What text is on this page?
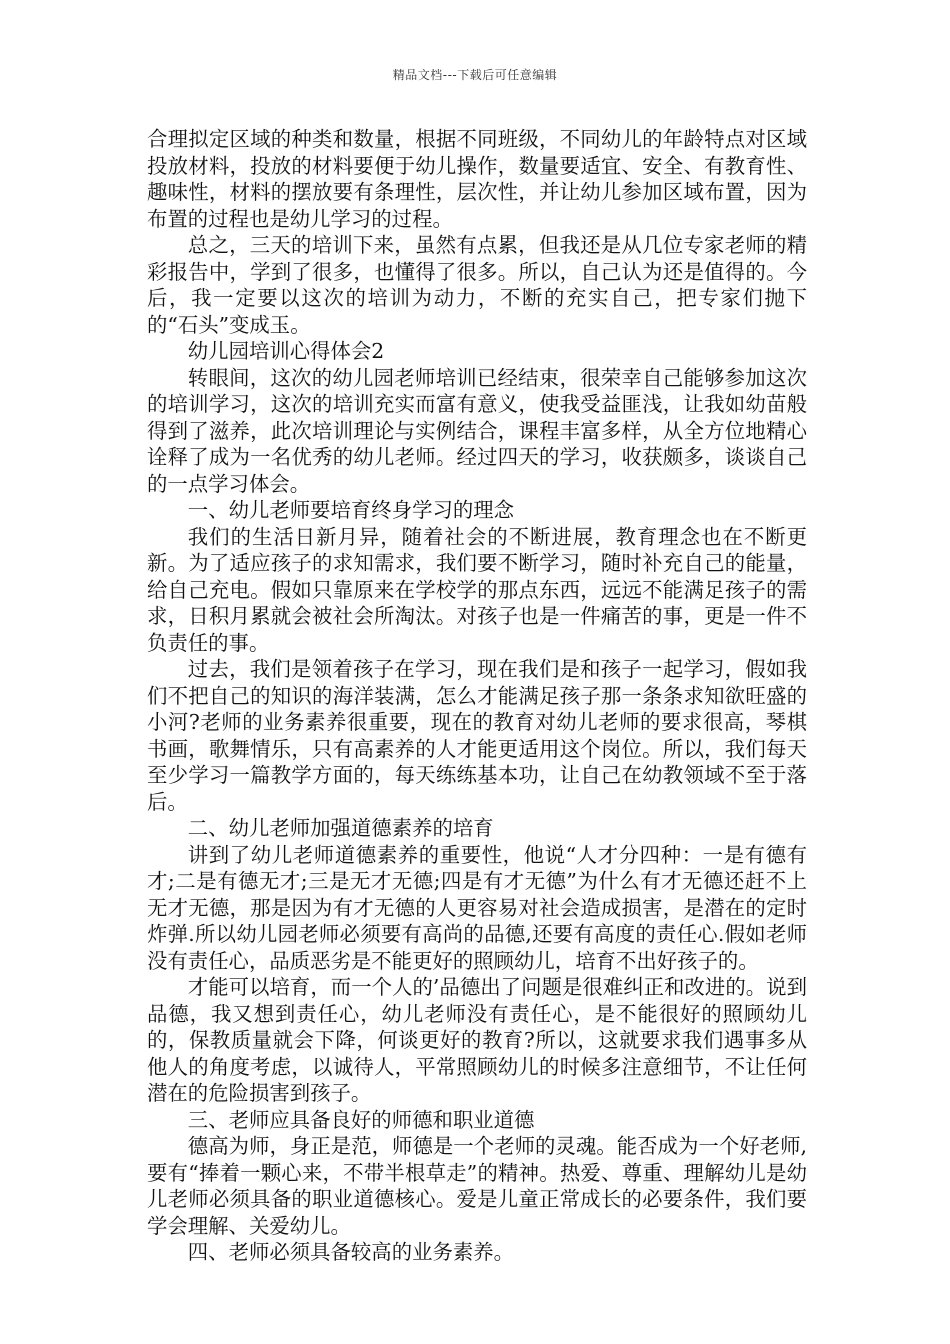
精品文档---下载后可任意编辑

合理拟定区域的种类和数量，根据不同班级，不同幼儿的年龄特点对区域投放材料，投放的材料要便于幼儿操作，数量要适宜、安全、有教育性、趣味性，材料的摆放要有条理性，层次性，并让幼儿参加区域布置，因为布置的过程也是幼儿学习的过程。

总之，三天的培训下来，虽然有点累，但我还是从几位专家老师的精彩报告中，学到了很多，也懂得了很多。所以，自己认为还是值得的。今后，我一定要以这次的培训为动力，不断的充实自己，把专家们抛下的“石头”变成玉。

幼儿园培训心得体会2

转眼间，这次的幼儿园老师培训已经结束，很荣幸自己能够参加这次的培训学习，这次的培训充实而富有意义，使我受益匪浅，让我如幼苗般得到了滋养，此次培训理论与实例结合，课程丰富多样，从全方位地精心诠释了成为一名优秀的幼儿老师。经过四天的学习，收获颇多，谈谈自己的一点学习体会。

一、幼儿老师要培育终身学习的理念

我们的生活日新月异，随着社会的不断进展，教育理念也在不断更新。为了适应孩子的求知需求，我们要不断学习，随时补充自己的能量，给自己充电。假如只靠原来在学校学的那点东西，远远不能满足孩子的需求，日积月累就会被社会所淘汰。对孩子也是一件痛苦的事，更是一件不负责任的事。

过去，我们是领着孩子在学习，现在我们是和孩子一起学习，假如我们不把自己的知识的海洋装满，怎么才能满足孩子那一条条求知欲旺盛的小河?老师的业务素养很重要，现在的教育对幼儿老师的要求很高，琴棋书画，歌舞情乐，只有高素养的人才能更适用这个岗位。所以，我们每天至少学习一篇教学方面的，每天练练基本功，让自己在幼教领域不至于落后。

二、幼儿老师加强道德素养的培育

讲到了幼儿老师道德素养的重要性，他说“人才分四种：一是有德有才;二是有德无才;三是无才无德;四是有才无德”为什么有才无德还赶不上无才无德，那是因为有才无德的人更容易对社会造成损害，是潜在的定时炸弹.所以幼儿园老师必须要有高尚的品德,还要有高度的责任心.假如老师没有责任心，品质恶劣是不能更好的照顾幼儿，培育不出好孩子的。

才能可以培育，而一个人的’品德出了问题是很难纠正和改进的。说到品德，我又想到责任心，幼儿老师没有责任心，是不能很好的照顾幼儿的，保教质量就会下降，何谈更好的教育?所以，这就要求我们遇事多从他人的角度考虑，以诚待人，平常照顾幼儿的时候多注意细节，不让任何潜在的危险损害到孩子。

三、老师应具备良好的师德和职业道德

德高为师，身正是范，师德是一个老师的灵魂。能否成为一个好老师,要有“捧着一颗心来，不带半根草走”的精神。热爱、尊重、理解幼儿是幼儿老师必须具备的职业道德核心。爱是儿童正常成长的必要条件，我们要学会理解、关爱幼儿。

四、老师必须具备较高的业务素养。
